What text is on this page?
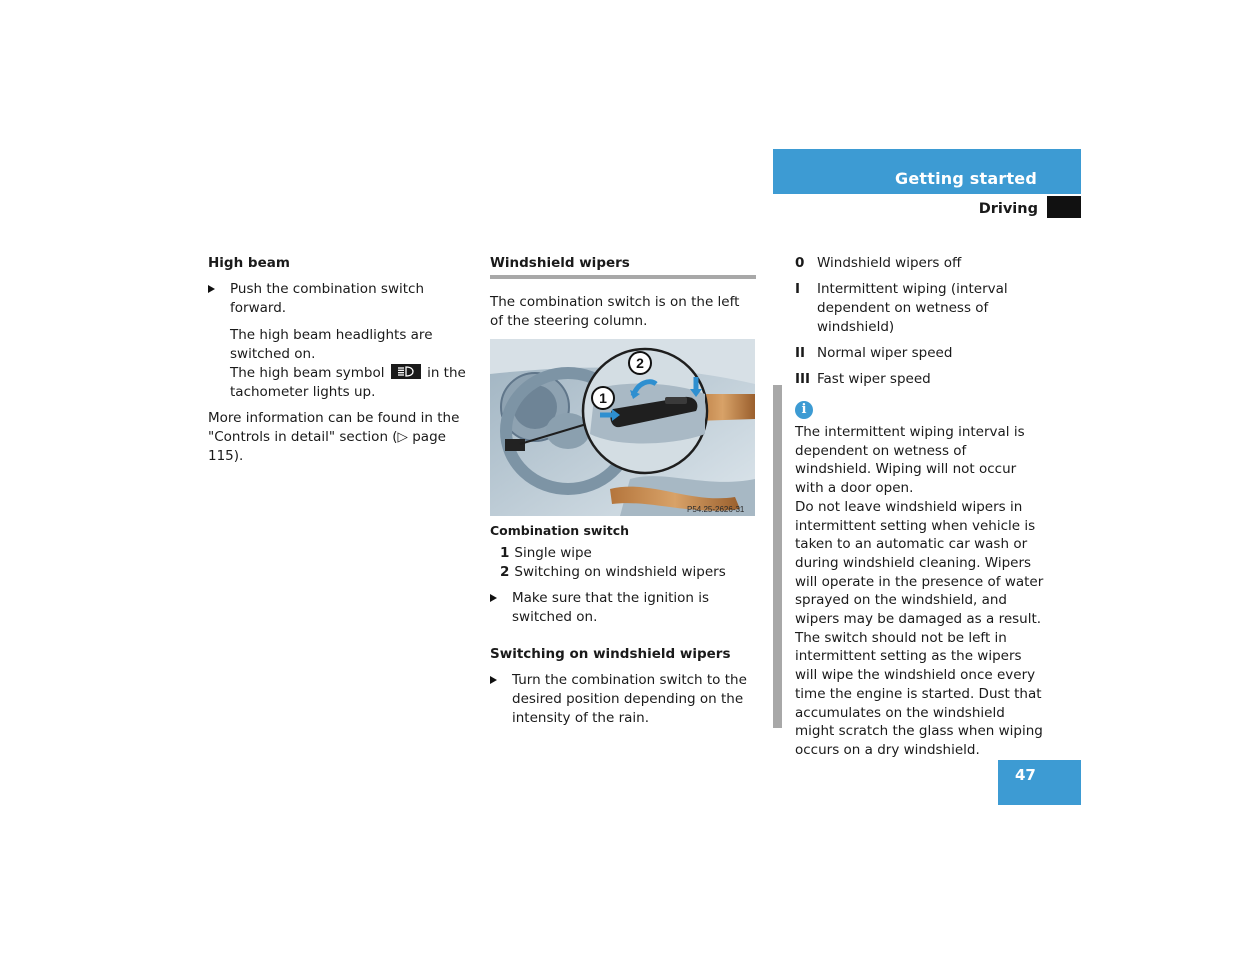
Getting started
Driving
High beam
Push the combination switch forward.
The high beam headlights are switched on.
The high beam symbol	in the tachometer lights up.
More information can be found in the "Controls in detail" section (▷ page 115).
Windshield wipers
The combination switch is on the left of the steering column.
1
2
P54.25-2626-31
Combination switch
1 Single wipe
2 Switching on windshield wipers
Make sure that the ignition is switched on.
Switching on windshield wipers
Turn the combination switch to the desired position depending on the intensity of the rain.
0 Windshield wipers off
I Intermittent wiping (interval dependent on wetness of windshield)
II Normal wiper speed
III Fast wiper speed
i
The intermittent wiping interval is dependent on wetness of windshield. Wiping will not occur with a door open.
Do not leave windshield wipers in intermittent setting when vehicle is taken to an automatic car wash or during windshield cleaning. Wipers will operate in the presence of water sprayed on the windshield, and wipers may be damaged as a result.
The switch should not be left in intermittent setting as the wipers will wipe the windshield once every time the engine is started. Dust that accumulates on the windshield might scratch the glass when wiping occurs on a dry windshield.
47
